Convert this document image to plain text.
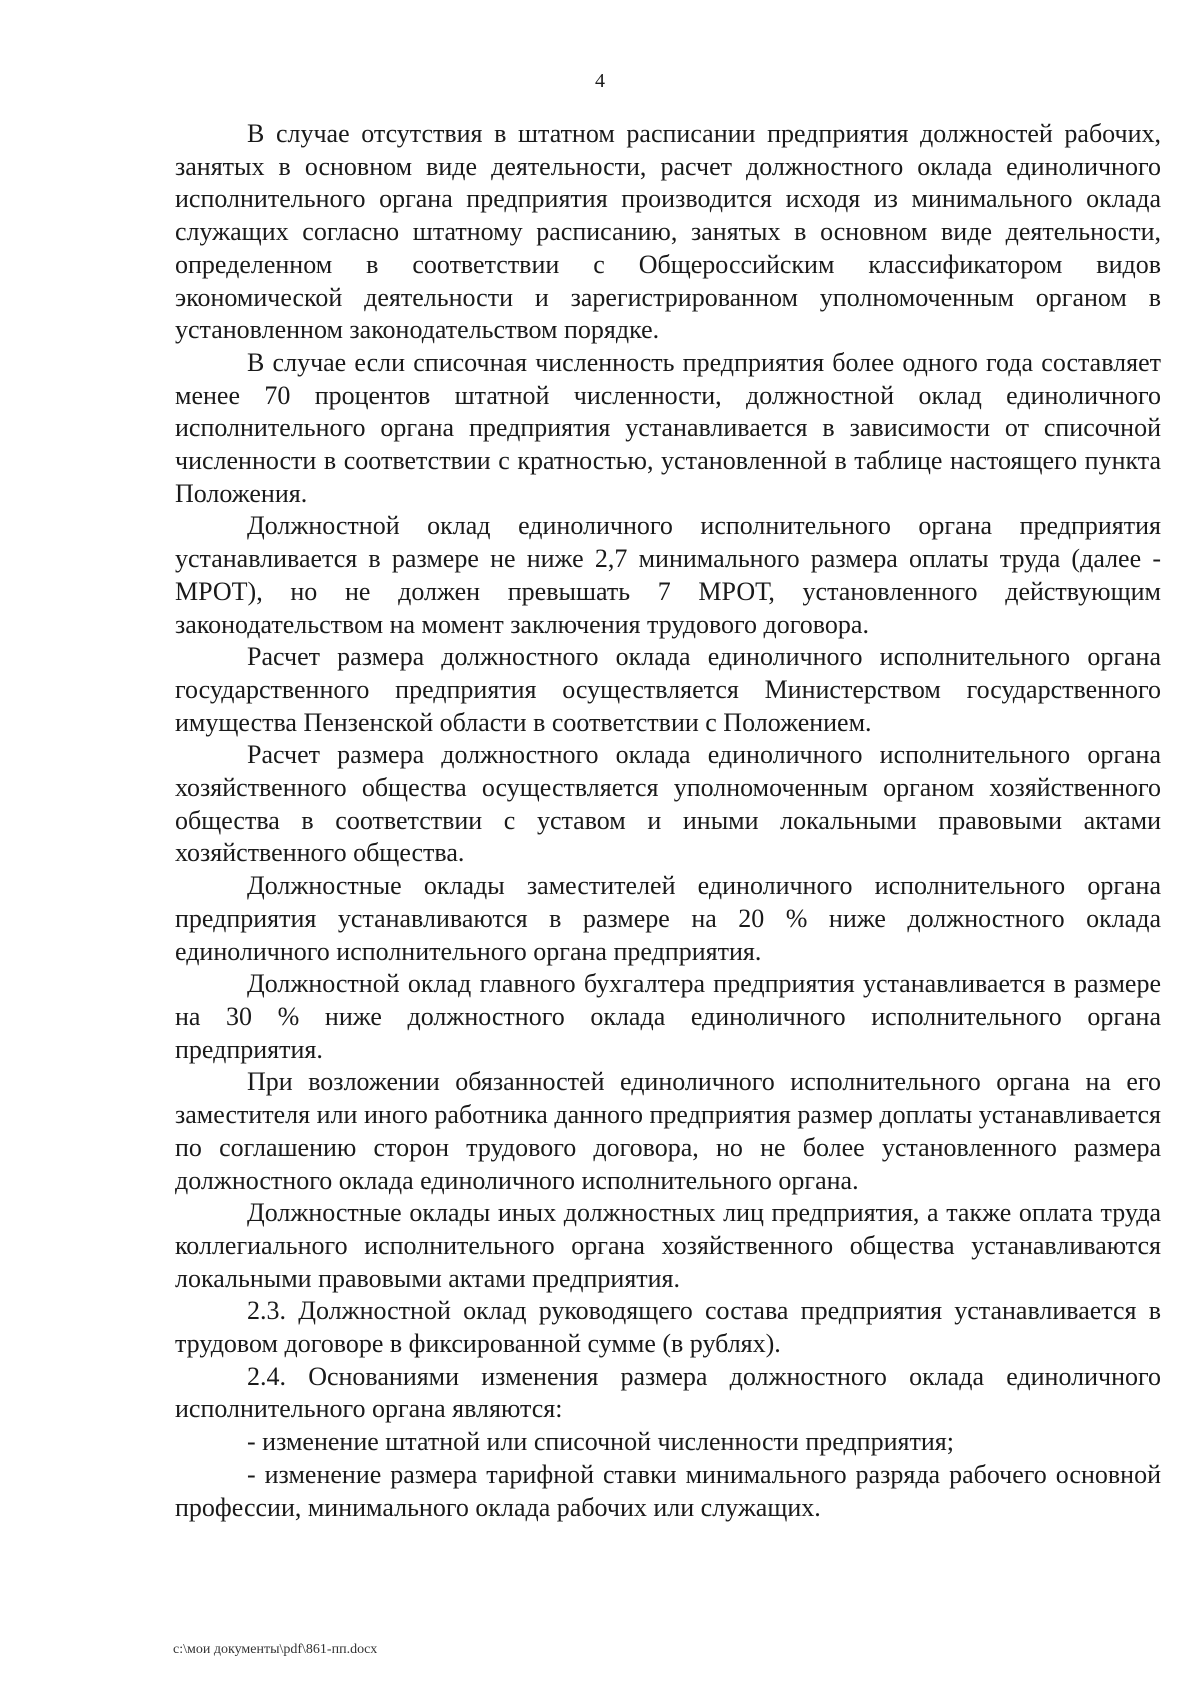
4

В случае отсутствия в штатном расписании предприятия должностей рабочих, занятых в основном виде деятельности, расчет должностного оклада единоличного исполнительного органа предприятия производится исходя из минимального оклада служащих согласно штатному расписанию, занятых в основном виде деятельности, определенном в соответствии с Общероссийским классификатором видов экономической деятельности и зарегистрированном уполномоченным органом в установленном законодательством порядке.

В случае если списочная численность предприятия более одного года составляет менее 70 процентов штатной численности, должностной оклад единоличного исполнительного органа предприятия устанавливается в зависимости от списочной численности в соответствии с кратностью, установленной в таблице настоящего пункта Положения.

Должностной оклад единоличного исполнительного органа предприятия устанавливается в размере не ниже 2,7 минимального размера оплаты труда (далее - МРОТ), но не должен превышать 7 МРОТ, установленного действующим законодательством на момент заключения трудового договора.

Расчет размера должностного оклада единоличного исполнительного органа государственного предприятия осуществляется Министерством государственного имущества Пензенской области в соответствии с Положением.

Расчет размера должностного оклада единоличного исполнительного органа хозяйственного общества осуществляется уполномоченным органом хозяйственного общества в соответствии с уставом и иными локальными правовыми актами хозяйственного общества.

Должностные оклады заместителей единоличного исполнительного органа предприятия устанавливаются в размере на 20 % ниже должностного оклада единоличного исполнительного органа предприятия.

Должностной оклад главного бухгалтера предприятия устанавливается в размере на 30 % ниже должностного оклада единоличного исполнительного органа предприятия.

При возложении обязанностей единоличного исполнительного органа на его заместителя или иного работника данного предприятия размер доплаты устанавливается по соглашению сторон трудового договора, но не более установленного размера должностного оклада единоличного исполнительного органа.

Должностные оклады иных должностных лиц предприятия, а также оплата труда коллегиального исполнительного органа хозяйственного общества устанавливаются локальными правовыми актами предприятия.

2.3. Должностной оклад руководящего состава предприятия устанавливается в трудовом договоре в фиксированной сумме (в рублях).

2.4. Основаниями изменения размера должностного оклада единоличного исполнительного органа являются:

- изменение штатной или списочной численности предприятия;

- изменение размера тарифной ставки минимального разряда рабочего основной профессии, минимального оклада рабочих или служащих.

c:\мои документы\pdf\861-пп.docx
